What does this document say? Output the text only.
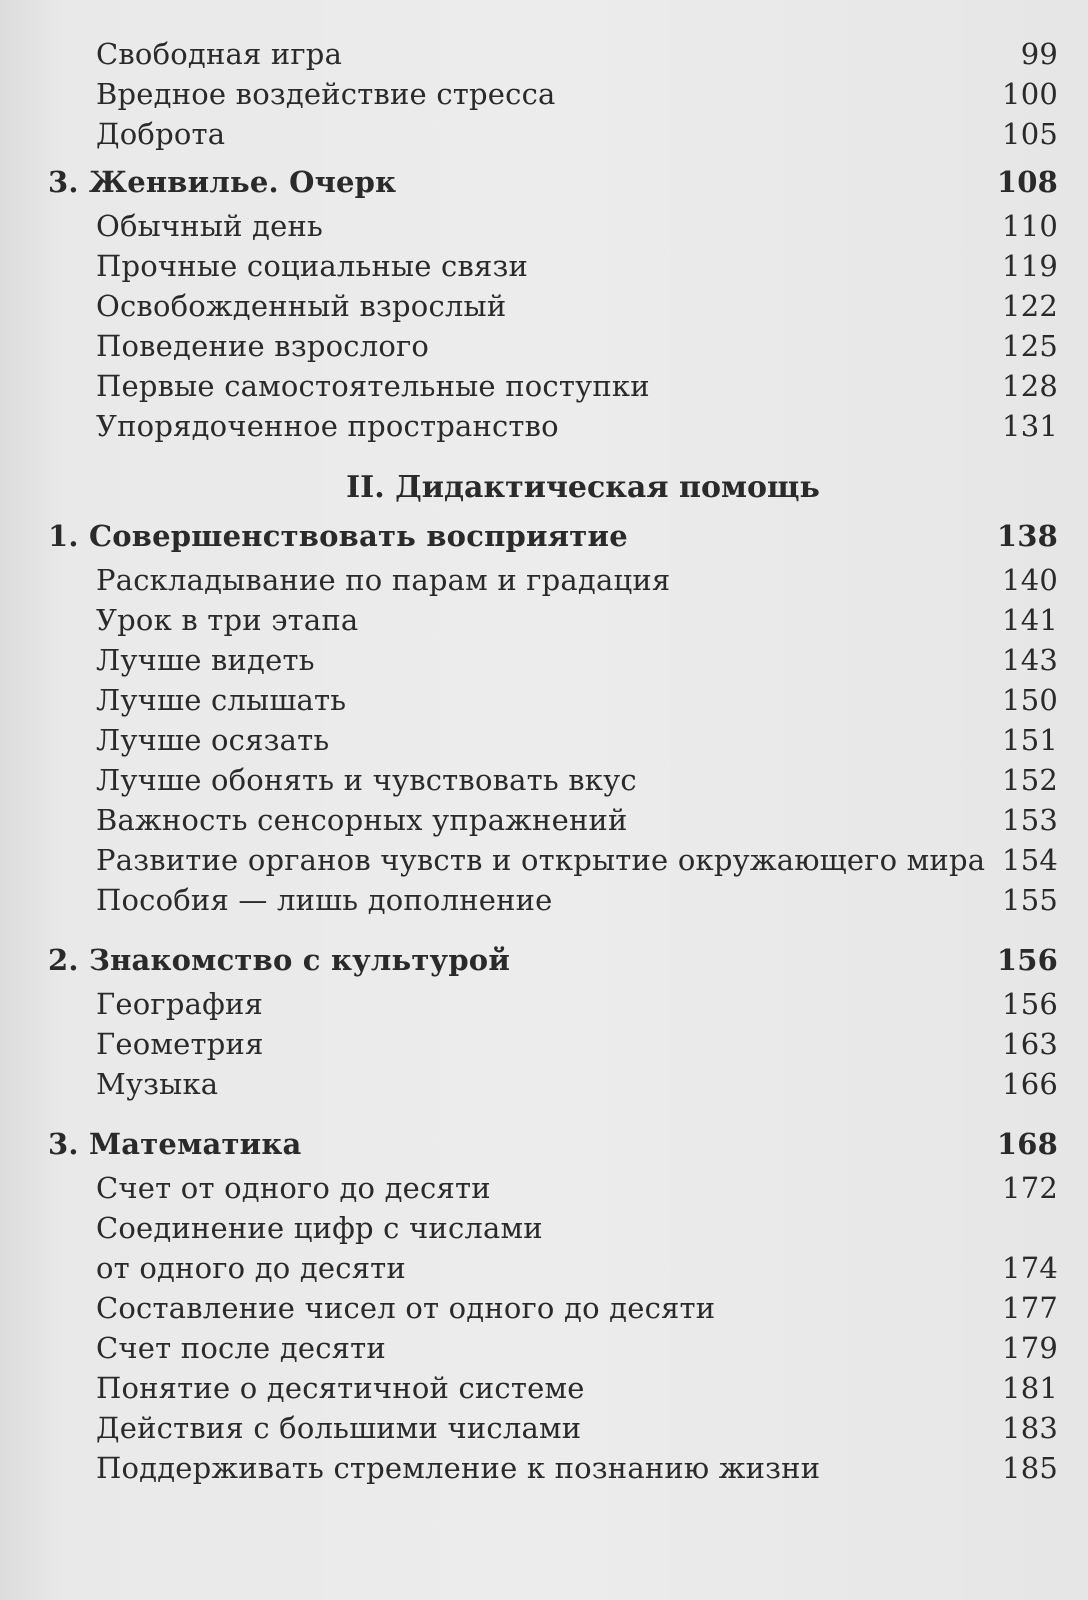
Свободная игра	99
Вредное воздействие стресса	100
Доброта	105
3. Женвилье. Очерк	108
Обычный день	110
Прочные социальные связи	119
Освобожденный взрослый	122
Поведение взрослого	125
Первые самостоятельные поступки	128
Упорядоченное пространство	131
II. Дидактическая помощь
1. Совершенствовать восприятие	138
Раскладывание по парам и градация	140
Урок в три этапа	141
Лучше видеть	143
Лучше слышать	150
Лучше осязать	151
Лучше обонять и чувствовать вкус	152
Важность сенсорных упражнений	153
Развитие органов чувств и открытие окружающего мира 154
Пособия — лишь дополнение	155
2. Знакомство с культурой	156
География	156
Геометрия	163
Музыка	166
3. Математика	168
Счет от одного до десяти	172
Соединение цифр с числами
от одного до десяти	174
Составление чисел от одного до десяти	177
Счет после десяти	179
Понятие о десятичной системе	181
Действия с большими числами	183
Поддерживать стремление к познанию жизни	185
